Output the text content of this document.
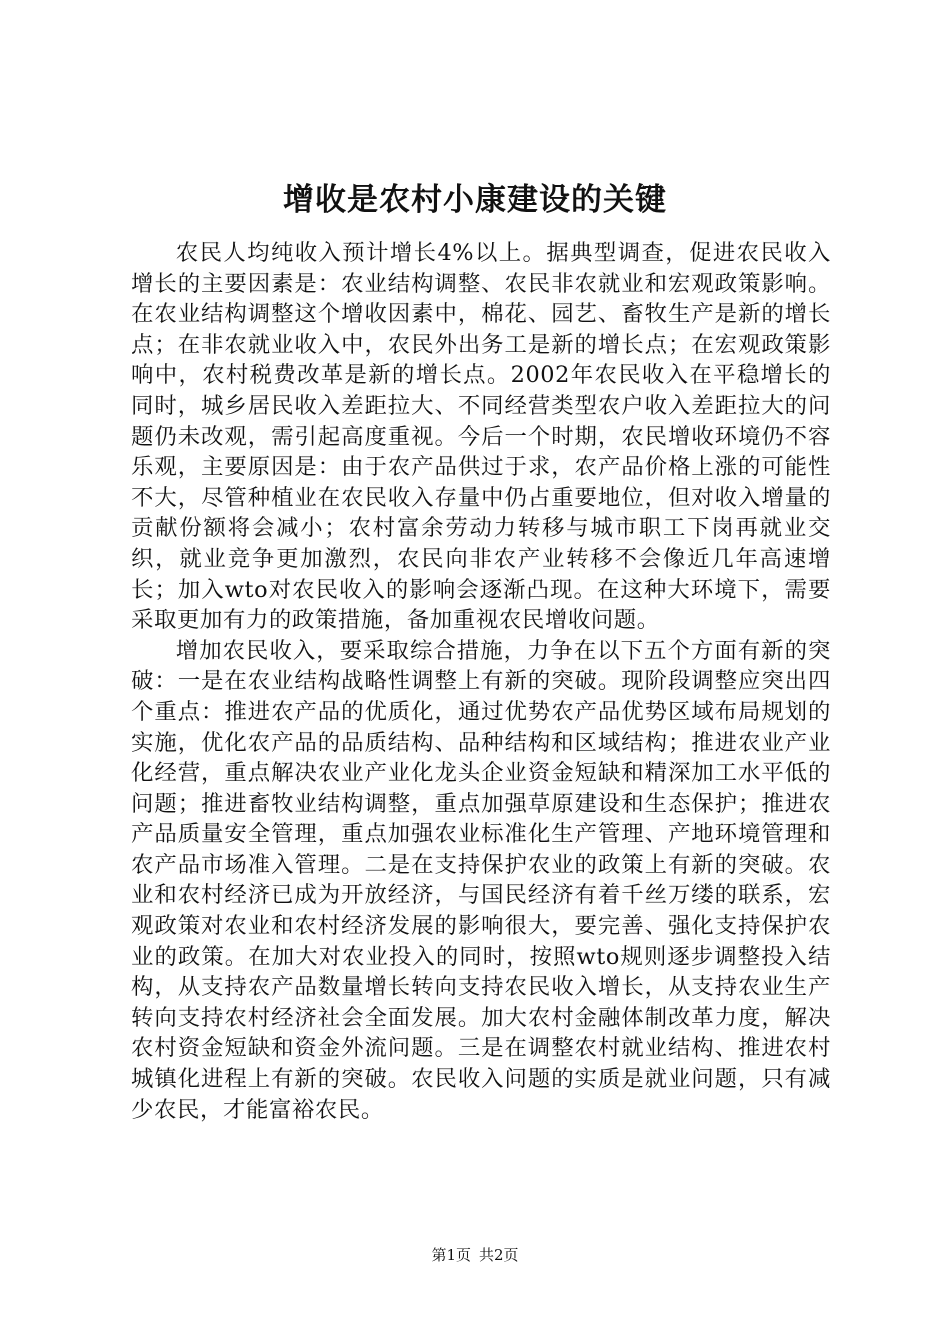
增收是农村小康建设的关键

农民人均纯收入预计增长4%以上。据典型调查，促进农民收入增长的主要因素是：农业结构调整、农民非农就业和宏观政策影响。在农业结构调整这个增收因素中，棉花、园艺、畜牧生产是新的增长点；在非农就业收入中，农民外出务工是新的增长点；在宏观政策影响中，农村税费改革是新的增长点。2002年农民收入在平稳增长的同时，城乡居民收入差距拉大、不同经营类型农户收入差距拉大的问题仍未改观，需引起高度重视。今后一个时期，农民增收环境仍不容乐观，主要原因是：由于农产品供过于求，农产品价格上涨的可能性不大，尽管种植业在农民收入存量中仍占重要地位，但对收入增量的贡献份额将会减小；农村富余劳动力转移与城市职工下岗再就业交织，就业竞争更加激烈，农民向非农产业转移不会像近几年高速增长；加入wto对农民收入的影响会逐渐凸现。在这种大环境下，需要采取更加有力的政策措施，备加重视农民增收问题。

增加农民收入，要采取综合措施，力争在以下五个方面有新的突破：一是在农业结构战略性调整上有新的突破。现阶段调整应突出四个重点：推进农产品的优质化，通过优势农产品优势区域布局规划的实施，优化农产品的品质结构、品种结构和区域结构；推进农业产业化经营，重点解决农业产业化龙头企业资金短缺和精深加工水平低的问题；推进畜牧业结构调整，重点加强草原建设和生态保护；推进农产品质量安全管理，重点加强农业标准化生产管理、产地环境管理和农产品市场准入管理。二是在支持保护农业的政策上有新的突破。农业和农村经济已成为开放经济，与国民经济有着千丝万缕的联系，宏观政策对农业和农村经济发展的影响很大，要完善、强化支持保护农业的政策。在加大对农业投入的同时，按照wto规则逐步调整投入结构，从支持农产品数量增长转向支持农民收入增长，从支持农业生产转向支持农村经济社会全面发展。加大农村金融体制改革力度，解决农村资金短缺和资金外流问题。三是在调整农村就业结构、推进农村城镇化进程上有新的突破。农民收入问题的实质是就业问题，只有减少农民，才能富裕农民。

第1页 共2页
